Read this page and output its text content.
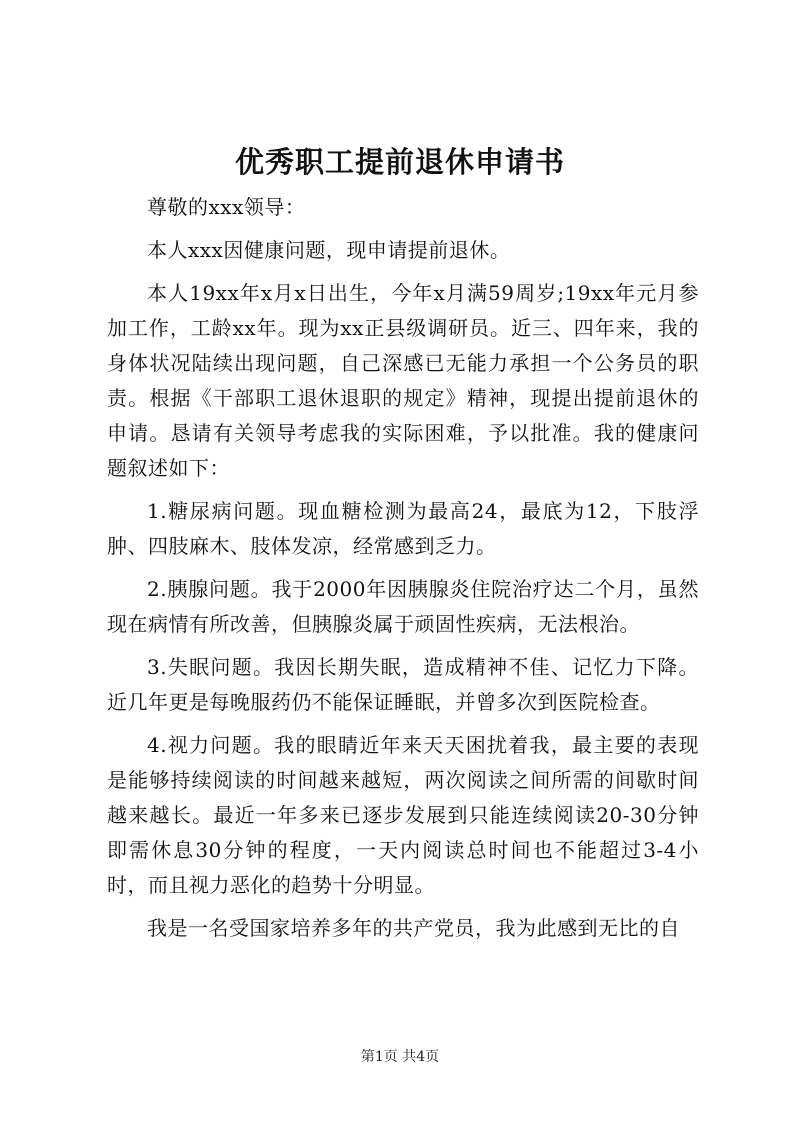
优秀职工提前退休申请书

尊敬的xxx领导：

本人xxx因健康问题，现申请提前退休。

本人19xx年x月x日出生，今年x月满59周岁;19xx年元月参加工作，工龄xx年。现为xx正县级调研员。近三、四年来，我的身体状况陆续出现问题，自己深感已无能力承担一个公务员的职责。根据《干部职工退休退职的规定》精神，现提出提前退休的申请。恳请有关领导考虑我的实际困难，予以批准。我的健康问题叙述如下：

1.糖尿病问题。现血糖检测为最高24，最底为12，下肢浮肿、四肢麻木、肢体发凉，经常感到乏力。

2.胰腺问题。我于2000年因胰腺炎住院治疗达二个月，虽然现在病情有所改善，但胰腺炎属于顽固性疾病，无法根治。

3.失眠问题。我因长期失眠，造成精神不佳、记忆力下降。近几年更是每晚服药仍不能保证睡眠，并曾多次到医院检查。

4.视力问题。我的眼睛近年来天天困扰着我，最主要的表现是能够持续阅读的时间越来越短，两次阅读之间所需的间歇时间越来越长。最近一年多来已逐步发展到只能连续阅读20-30分钟即需休息30分钟的程度，一天内阅读总时间也不能超过3-4小时，而且视力恶化的趋势十分明显。

我是一名受国家培养多年的共产党员，我为此感到无比的自

第1页 共4页
